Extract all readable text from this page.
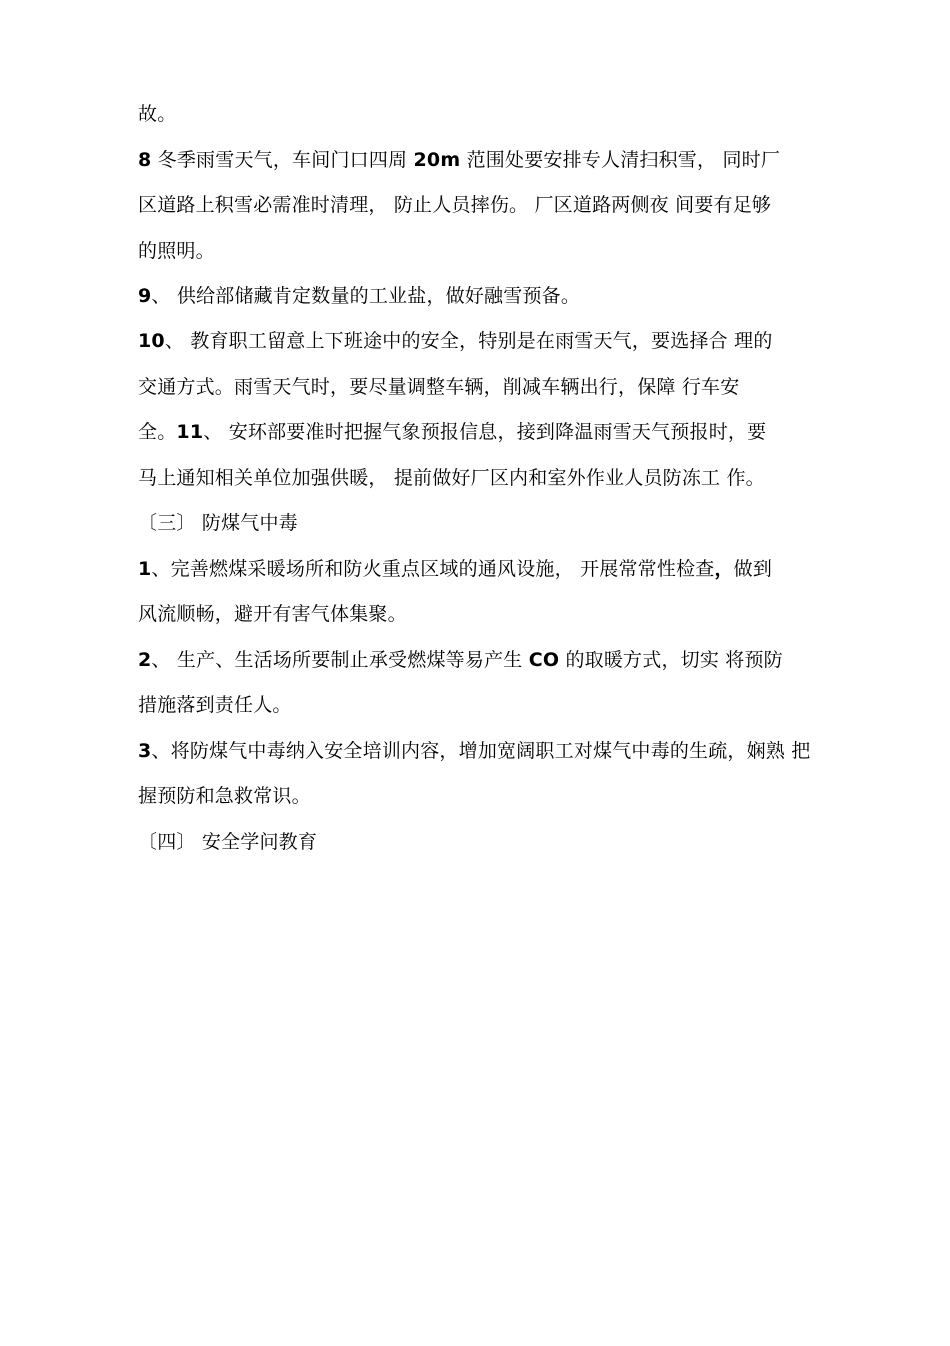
故。
8 冬季雨雪天气，车间门口四周 20m 范围处要安排专人清扫积雪， 同时厂
区道路上积雪必需准时清理， 防止人员摔伤。 厂区道路两侧夜 间要有足够
的照明。
9、 供给部储藏肯定数量的工业盐，做好融雪预备。
10、 教育职工留意上下班途中的安全，特别是在雨雪天气，要选择合 理的
交通方式。雨雪天气时，要尽量调整车辆，削减车辆出行，保障 行车安
全。11、 安环部要准时把握气象预报信息，接到降温雨雪天气预报时，要
马上通知相关单位加强供暖， 提前做好厂区内和室外作业人员防冻工 作。
〔三〕 防煤气中毒
1、完善燃煤采暖场所和防火重点区域的通风设施， 开展常常性检查，做到
风流顺畅，避开有害气体集聚。
2、 生产、生活场所要制止承受燃煤等易产生 CO 的取暖方式，切实 将预防
措施落到责任人。
3、将防煤气中毒纳入安全培训内容，增加宽阔职工对煤气中毒的生疏，娴熟 把
握预防和急救常识。
〔四〕 安全学问教育
